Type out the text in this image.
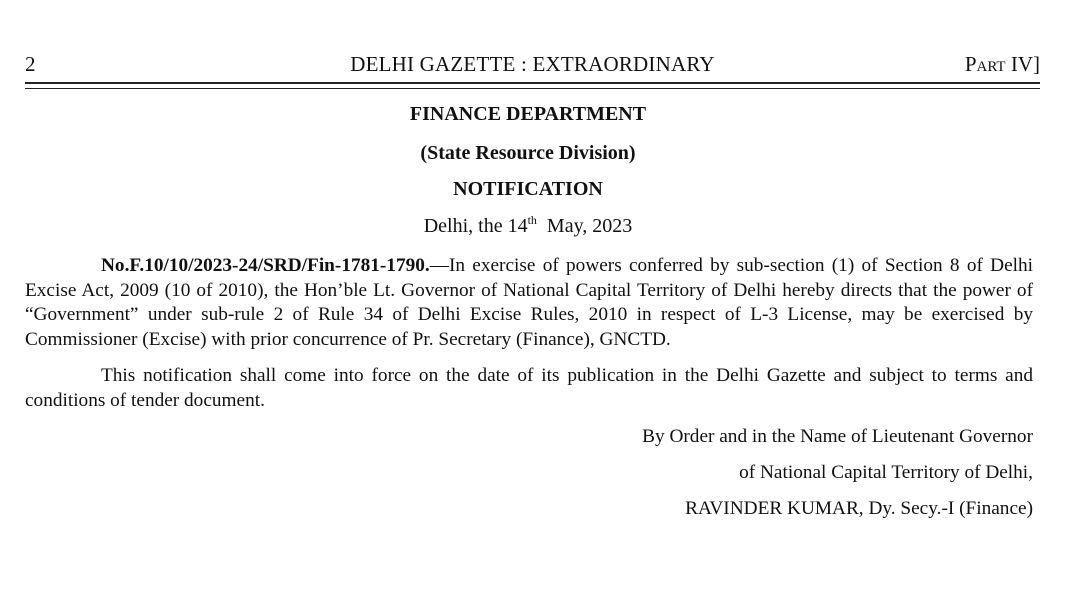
2	DELHI GAZETTE : EXTRAORDINARY	Part IV]
FINANCE DEPARTMENT
(State Resource Division)
NOTIFICATION
Delhi, the 14th  May, 2023

No.F.10/10/2023-24/SRD/Fin-1781-1790.—In exercise of powers conferred by sub-section (1) of Section 8 of Delhi Excise Act, 2009 (10 of 2010), the Hon’ble Lt. Governor of National Capital Territory of Delhi hereby directs that the power of “Government” under sub-rule 2 of Rule 34 of Delhi Excise Rules, 2010 in respect of L-3 License, may be exercised by Commissioner (Excise) with prior concurrence of Pr. Secretary (Finance), GNCTD.

This notification shall come into force on the date of its publication in the Delhi Gazette and subject to terms and conditions of tender document.

By Order and in the Name of Lieutenant Governor
of National Capital Territory of Delhi,
RAVINDER KUMAR, Dy. Secy.-I (Finance)
